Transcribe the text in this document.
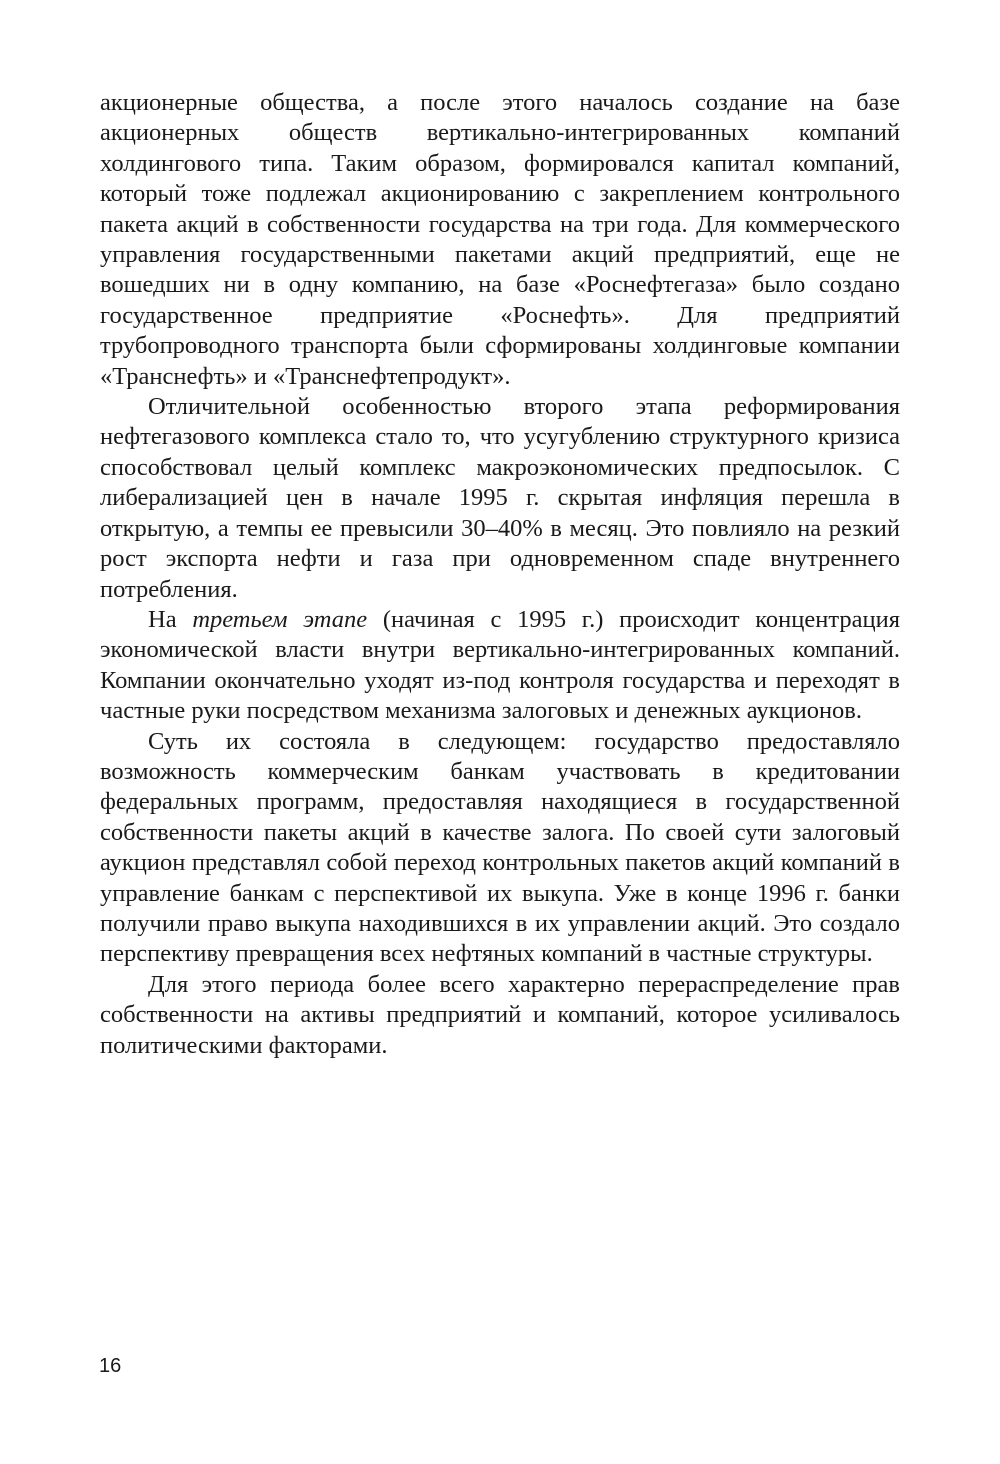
акционерные общества, а после этого началось создание на базе акционерных обществ вертикально-интегрированных компаний холдингового типа. Таким образом, формировался капитал компаний, который тоже подлежал акционированию с закреплением контрольного пакета акций в собственности государства на три года. Для коммерческого управления государственными пакетами акций предприятий, еще не вошедших ни в одну компанию, на базе «Роснефтегаза» было создано государственное предприятие «Роснефть». Для предприятий трубопроводного транспорта были сформированы холдинговые компании «Транснефть» и «Транснефтепродукт».

Отличительной особенностью второго этапа реформирования нефтегазового комплекса стало то, что усугублению структурного кризиса способствовал целый комплекс макроэкономических предпосылок. С либерализацией цен в начале 1995 г. скрытая инфляция перешла в открытую, а темпы ее превысили 30–40% в месяц. Это повлияло на резкий рост экспорта нефти и газа при одновременном спаде внутреннего потребления.

На третьем этапе (начиная с 1995 г.) происходит концентрация экономической власти внутри вертикально-интегрированных компаний. Компании окончательно уходят из-под контроля государства и переходят в частные руки посредством механизма залоговых и денежных аукционов.

Суть их состояла в следующем: государство предоставляло возможность коммерческим банкам участвовать в кредитовании федеральных программ, предоставляя находящиеся в государственной собственности пакеты акций в качестве залога. По своей сути залоговый аукцион представлял собой переход контрольных пакетов акций компаний в управление банкам с перспективой их выкупа. Уже в конце 1996 г. банки получили право выкупа находившихся в их управлении акций. Это создало перспективу превращения всех нефтяных компаний в частные структуры.

Для этого периода более всего характерно перераспределение прав собственности на активы предприятий и компаний, которое усиливалось политическими факторами.

16
